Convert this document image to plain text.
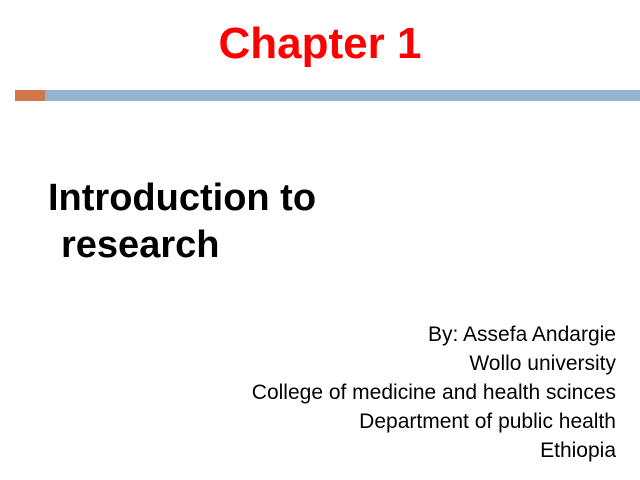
Chapter 1
Introduction to
research
By: Assefa Andargie
Wollo university
College of medicine and health scinces
Department of public health
Ethiopia
